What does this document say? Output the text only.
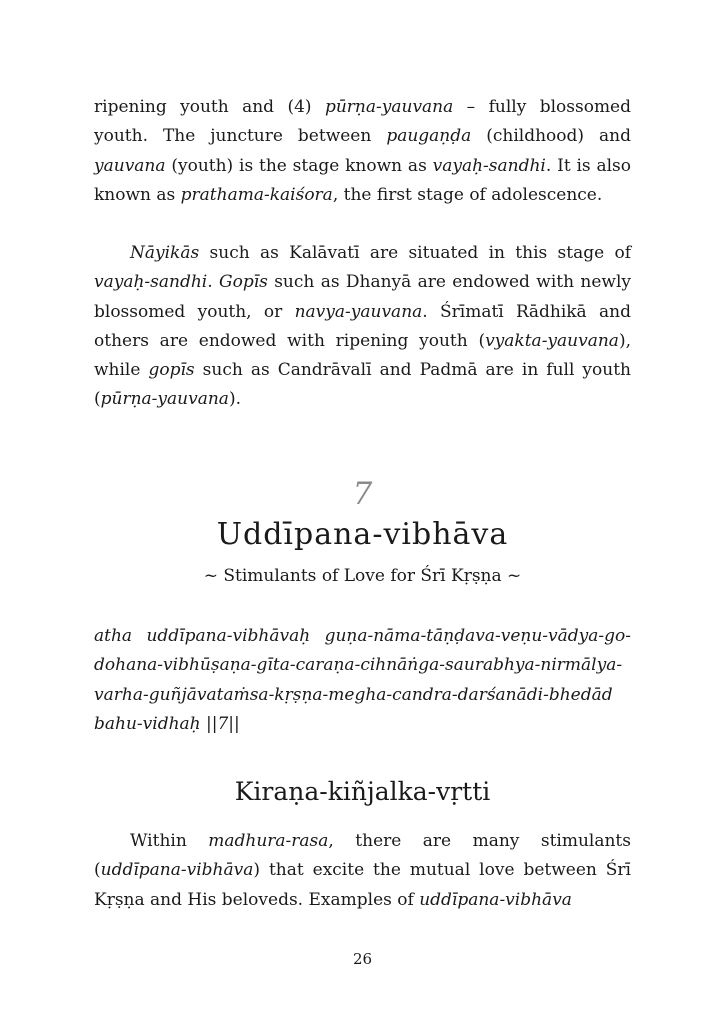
ripening youth and (4) pūrṇa-yauvana – fully blossomed youth. The juncture between paugaṇḍa (childhood) and yauvana (youth) is the stage known as vayaḥ-sandhi. It is also known as prathama-kaiśora, the first stage of adolescence.

Nāyikās such as Kalāvatī are situated in this stage of vayaḥ-sandhi. Gopīs such as Dhanyā are endowed with newly blossomed youth, or navya-yauvana. Śrīmatī Rādhikā and others are endowed with ripening youth (vyakta-yauvana), while gopīs such as Candrāvalī and Padmā are in full youth (pūrṇa-yauvana).

7
Uddīpana-vibhāva
~ Stimulants of Love for Śrī Kṛṣṇa ~

atha uddīpana-vibhāvaḥ guṇa-nāma-tāṇḍava-veṇu-vādya-go-dohana-vibhūṣaṇa-gīta-caraṇa-cihnāṅga-saurabhya-nirmālya-varha-guñjāvataṁsa-kṛṣṇa-megha-candra-darśanādi-bhedād bahu-vidhaḥ ||7||

Kiraṇa-kiñjalka-vṛtti

Within madhura-rasa, there are many stimulants (uddīpana-vibhāva) that excite the mutual love between Śrī Kṛṣṇa and His beloveds. Examples of uddīpana-vibhāva

26
